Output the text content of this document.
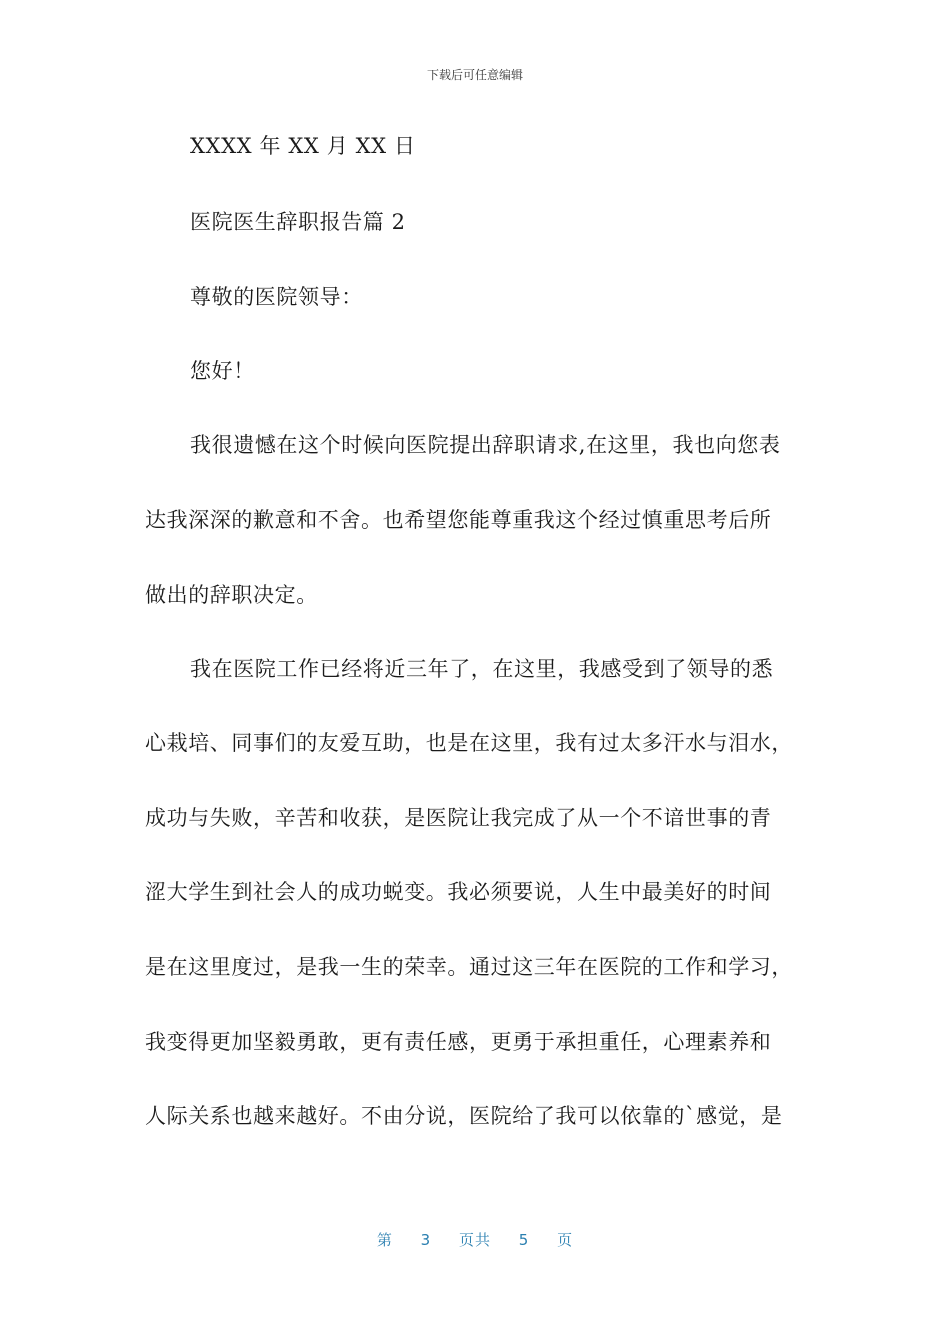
下载后可任意编辑
XXXX 年 XX 月 XX 日
医院医生辞职报告篇 2
尊敬的医院领导：
您好！
我很遗憾在这个时候向医院提出辞职请求,在这里，我也向您表
达我深深的歉意和不舍。也希望您能尊重我这个经过慎重思考后所
做出的辞职决定。
我在医院工作已经将近三年了，在这里，我感受到了领导的悉
心栽培、同事们的友爱互助，也是在这里，我有过太多汗水与泪水，
成功与失败，辛苦和收获，是医院让我完成了从一个不谙世事的青
涩大学生到社会人的成功蜕变。我必须要说，人生中最美好的时间
是在这里度过，是我一生的荣幸。通过这三年在医院的工作和学习，
我变得更加坚毅勇敢，更有责任感，更勇于承担重任，心理素养和
人际关系也越来越好。不由分说，医院给了我可以依靠的`感觉，是
第 3 页共 5 页
